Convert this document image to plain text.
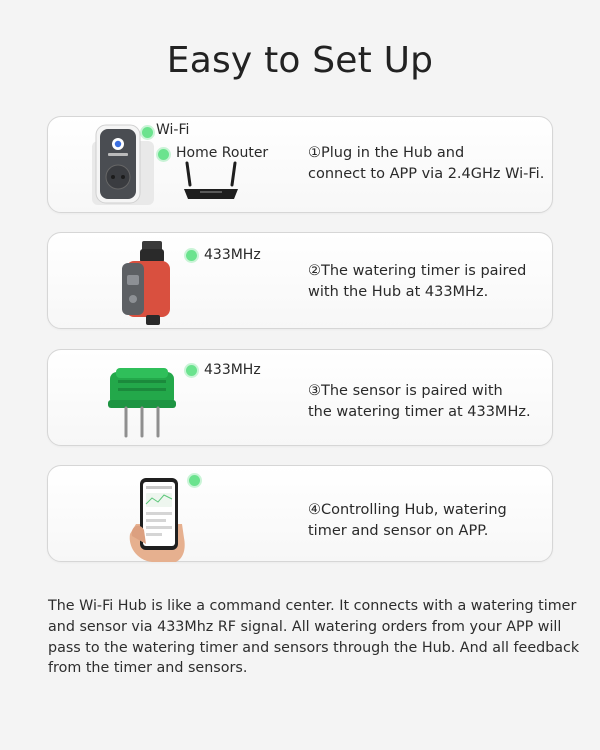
Easy to Set Up
Wi-Fi
Home Router	①Plug in the Hub and
connect to APP via 2.4GHz Wi-Fi.
433MHz
②The watering timer is paired
with the Hub at 433MHz.
433MHz
③The sensor is paired with
the watering timer at 433MHz.
④Controlling Hub, watering
timer and sensor on APP.
The Wi-Fi Hub is like a command center. It connects with a watering timer
and sensor via 433Mhz RF signal. All watering orders from your APP will
pass to the watering timer and sensors through the Hub. And all feedback
from the timer and sensors.
